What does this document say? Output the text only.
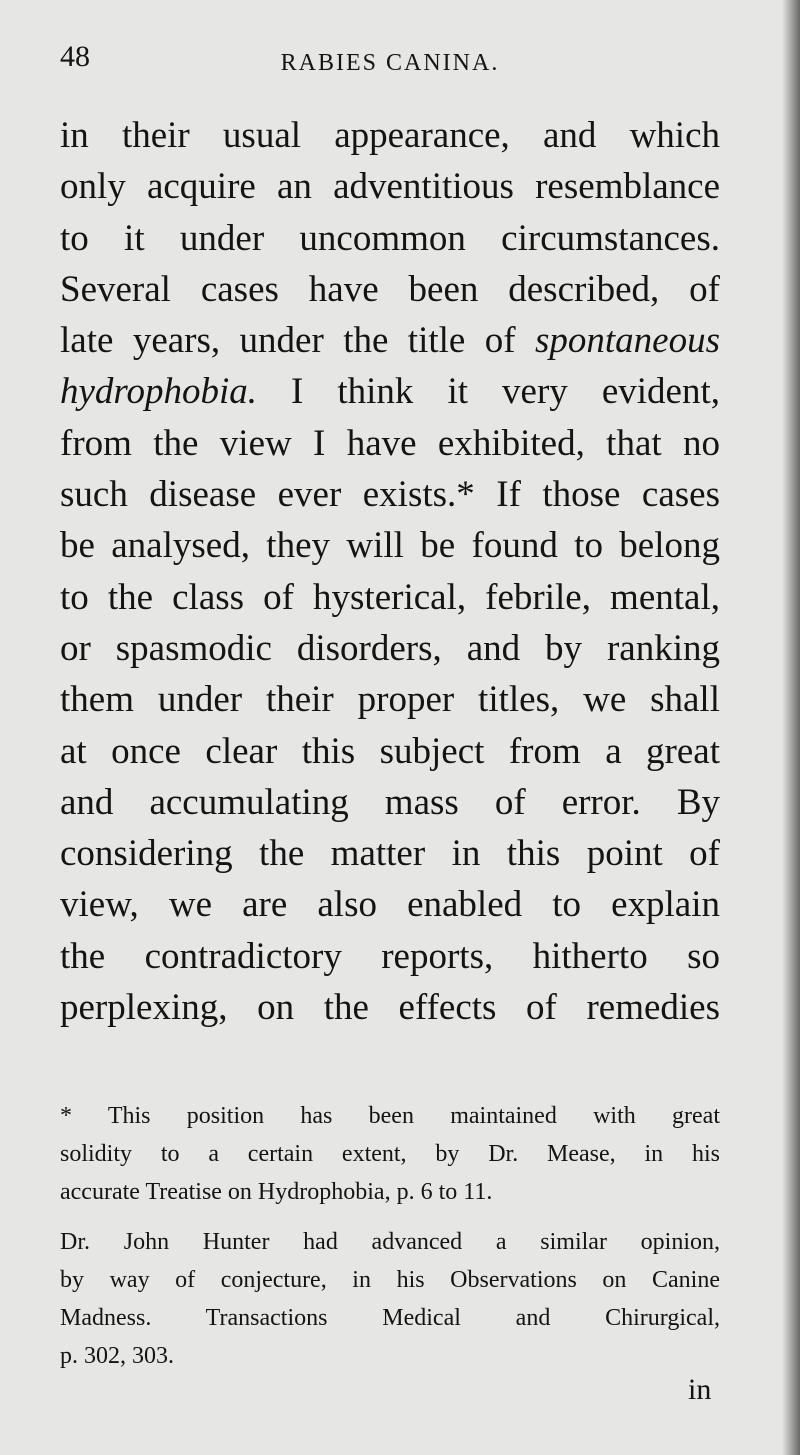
48	RABIES CANINA.
in their usual appearance, and which
only acquire an adventitious resemblance
to it under uncommon circumstances.
Several cases have been described, of
late years, under the title of spontaneous
hydrophobia. I think it very evident,
from the view I have exhibited, that no
such disease ever exists.* If those cases
be analysed, they will be found to belong
to the class of hysterical, febrile, mental,
or spasmodic disorders, and by ranking
them under their proper titles, we shall
at once clear this subject from a great
and accumulating mass of error. By
considering the matter in this point of
view, we are also enabled to explain
the contradictory reports, hitherto so
perplexing, on the effects of remedies
* This position has been maintained with great
solidity to a certain extent, by Dr. Mease, in his
accurate Treatise on Hydrophobia, p. 6 to 11.
Dr. John Hunter had advanced a similar opinion,
by way of conjecture, in his Observations on Canine
Madness. Transactions Medical and Chirurgical,
p. 302, 303.
in
